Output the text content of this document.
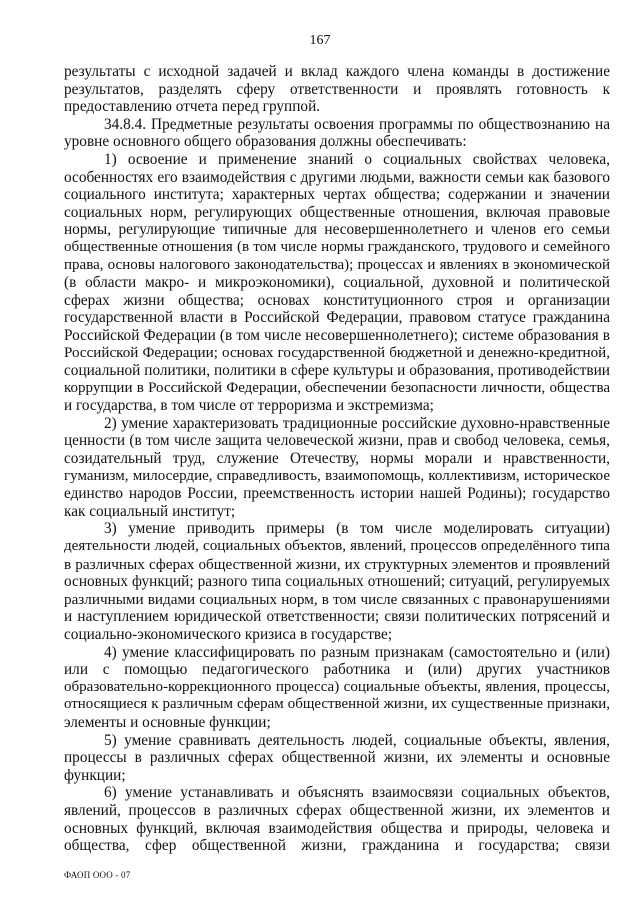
167
результаты с исходной задачей и вклад каждого члена команды в достижение
результатов, разделять сферу ответственности и проявлять готовность к
предоставлению отчета перед группой.
34.8.4. Предметные результаты освоения программы по обществознанию на
уровне основного общего образования должны обеспечивать:
1) освоение и применение знаний о социальных свойствах человека,
особенностях его взаимодействия с другими людьми, важности семьи как базового
социального института; характерных чертах общества; содержании и значении
социальных норм, регулирующих общественные отношения, включая правовые
нормы, регулирующие типичные для несовершеннолетнего и членов его семьи
общественные отношения (в том числе нормы гражданского, трудового и семейного
права, основы налогового законодательства); процессах и явлениях в экономической
(в области макро- и микроэкономики), социальной, духовной и политической
сферах жизни общества; основах конституционного строя и организации
государственной власти в Российской Федерации, правовом статусе гражданина
Российской Федерации (в том числе несовершеннолетнего); системе образования в
Российской Федерации; основах государственной бюджетной и денежно-кредитной,
социальной политики, политики в сфере культуры и образования, противодействии
коррупции в Российской Федерации, обеспечении безопасности личности, общества
и государства, в том числе от терроризма и экстремизма;
2) умение характеризовать традиционные российские духовно-нравственные
ценности (в том числе защита человеческой жизни, прав и свобод человека, семья,
созидательный труд, служение Отечеству, нормы морали и нравственности,
гуманизм, милосердие, справедливость, взаимопомощь, коллективизм, историческое
единство народов России, преемственность истории нашей Родины); государство
как социальный институт;
3) умение приводить примеры (в том числе моделировать ситуации)
деятельности людей, социальных объектов, явлений, процессов определённого типа
в различных сферах общественной жизни, их структурных элементов и проявлений
основных функций; разного типа социальных отношений; ситуаций, регулируемых
различными видами социальных норм, в том числе связанных с правонарушениями
и наступлением юридической ответственности; связи политических потрясений и
социально-экономического кризиса в государстве;
4) умение классифицировать по разным признакам (самостоятельно и (или)
или с помощью педагогического работника и (или) других участников
образовательно-коррекционного процесса) социальные объекты, явления, процессы,
относящиеся к различным сферам общественной жизни, их существенные признаки,
элементы и основные функции;
5) умение сравнивать деятельность людей, социальные объекты, явления,
процессы в различных сферах общественной жизни, их элементы и основные
функции;
6) умение устанавливать и объяснять взаимосвязи социальных объектов,
явлений, процессов в различных сферах общественной жизни, их элементов и
основных функций, включая взаимодействия общества и природы, человека и
общества, сфер общественной жизни, гражданина и государства; связи
ФАОП ООО - 07
